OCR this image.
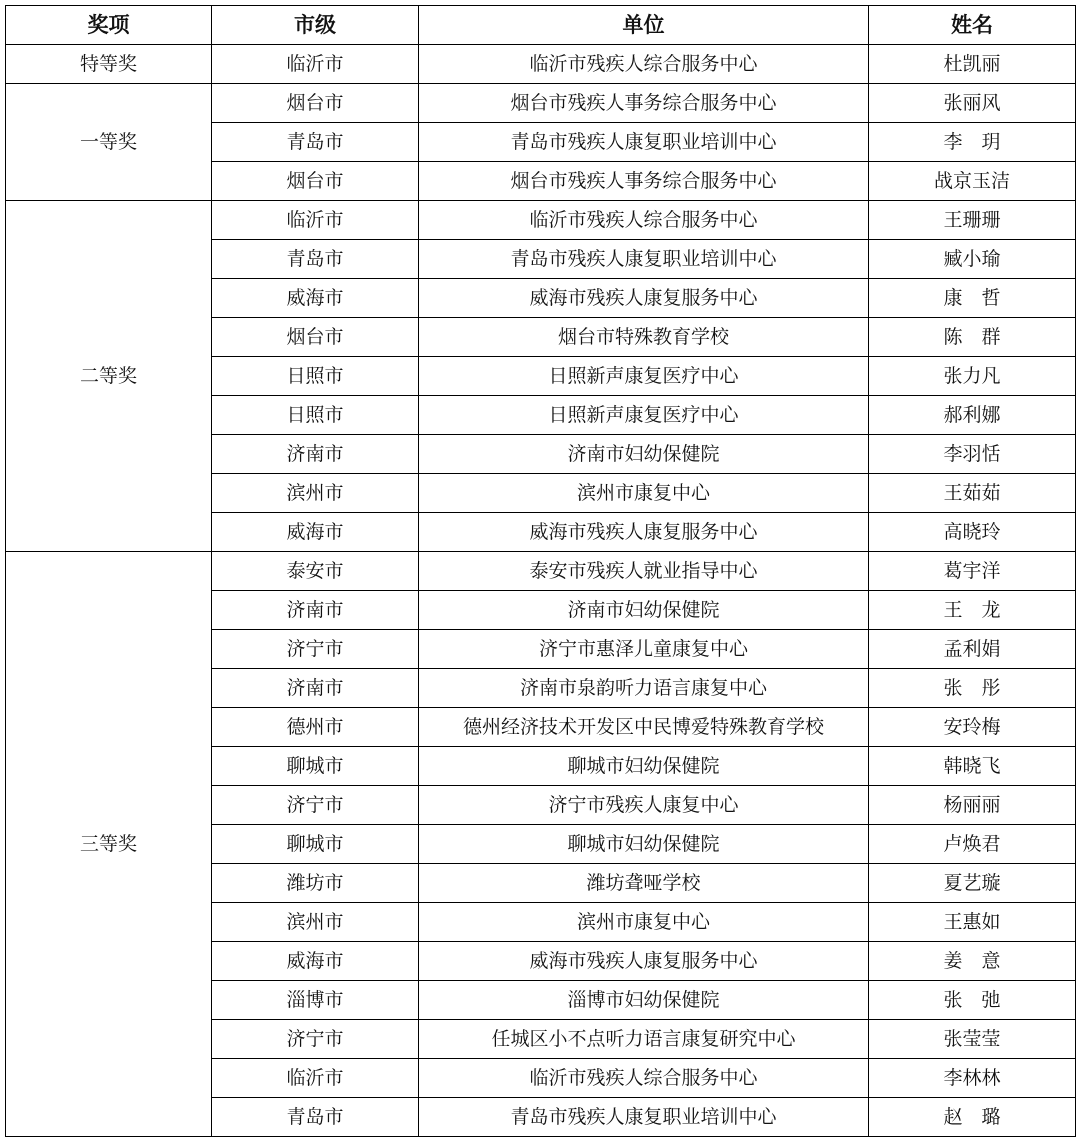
奖项	市级	单位	姓名
特等奖	临沂市	临沂市残疾人综合服务中心	杜凯丽
一等奖	烟台市	烟台市残疾人事务综合服务中心	张丽风
	青岛市	青岛市残疾人康复职业培训中心	李　玥
	烟台市	烟台市残疾人事务综合服务中心	战京玉洁
二等奖	临沂市	临沂市残疾人综合服务中心	王珊珊
	青岛市	青岛市残疾人康复职业培训中心	臧小瑜
	威海市	威海市残疾人康复服务中心	康　哲
	烟台市	烟台市特殊教育学校	陈　群
	日照市	日照新声康复医疗中心	张力凡
	日照市	日照新声康复医疗中心	郝利娜
	济南市	济南市妇幼保健院	李羽恬
	滨州市	滨州市康复中心	王茹茹
	威海市	威海市残疾人康复服务中心	高晓玲
三等奖	泰安市	泰安市残疾人就业指导中心	葛宇洋
	济南市	济南市妇幼保健院	王　龙
	济宁市	济宁市惠泽儿童康复中心	孟利娟
	济南市	济南市泉韵听力语言康复中心	张　彤
	德州市	德州经济技术开发区中民博爱特殊教育学校	安玲梅
	聊城市	聊城市妇幼保健院	韩晓飞
	济宁市	济宁市残疾人康复中心	杨丽丽
	聊城市	聊城市妇幼保健院	卢焕君
	潍坊市	潍坊聋哑学校	夏艺璇
	滨州市	滨州市康复中心	王惠如
	威海市	威海市残疾人康复服务中心	姜　意
	淄博市	淄博市妇幼保健院	张　弛
	济宁市	任城区小不点听力语言康复研究中心	张莹莹
	临沂市	临沂市残疾人综合服务中心	李林林
	青岛市	青岛市残疾人康复职业培训中心	赵　璐
